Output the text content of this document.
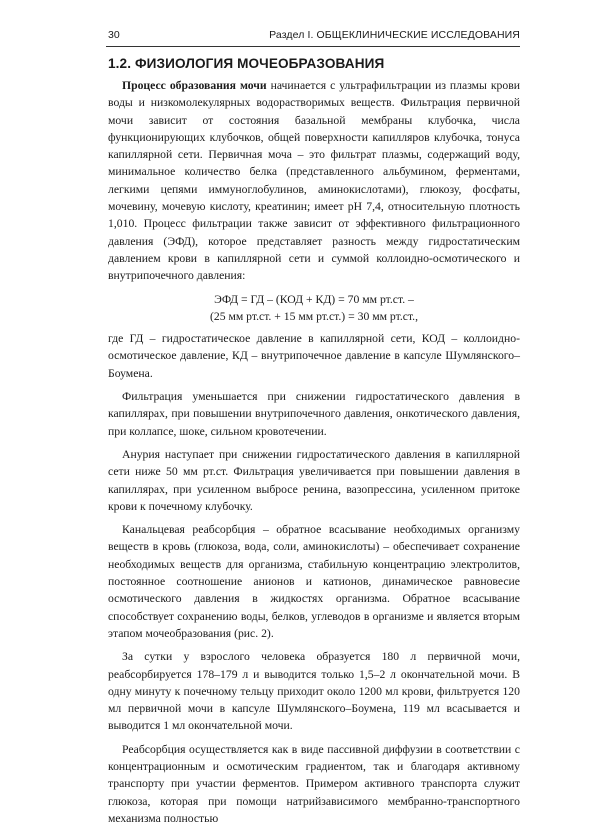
30	Раздел I. ОБЩЕКЛИНИЧЕСКИЕ ИССЛЕДОВАНИЯ
1.2. ФИЗИОЛОГИЯ МОЧЕОБРАЗОВАНИЯ

Процесс образования мочи начинается с ультрафильтрации из плазмы крови воды и низкомолекулярных водорастворимых веществ. Фильтрация первичной мочи зависит от состояния базальной мембраны клубочка, числа функционирующих клубочков, общей поверхности капилляров клубочка, тонуса капиллярной сети. Первичная моча – это фильтрат плазмы, содержащий воду, минимальное количество белка (представленного альбумином, ферментами, легкими цепями иммуноглобулинов, аминокислотами), глюкозу, фосфаты, мочевину, мочевую кислоту, креатинин; имеет pH 7,4, относительную плотность 1,010. Процесс фильтрации также зависит от эффективного фильтрационного давления (ЭФД), которое представляет разность между гидростатическим давлением крови в капиллярной сети и суммой коллоидно-осмотического и внутрипочечного давления:

ЭФД = ГД – (КОД + КД) = 70 мм рт.ст. –
(25 мм рт.ст. + 15 мм рт.ст.) = 30 мм рт.ст.,

где ГД – гидростатическое давление в капиллярной сети, КОД – коллоидно-осмотическое давление, КД – внутрипочечное давление в капсуле Шумлянского–Боумена.

Фильтрация уменьшается при снижении гидростатического давления в капиллярах, при повышении внутрипочечного давления, онкотического давления, при коллапсе, шоке, сильном кровотечении.

Анурия наступает при снижении гидростатического давления в капиллярной сети ниже 50 мм рт.ст. Фильтрация увеличивается при повышении давления в капиллярах, при усиленном выбросе ренина, вазопрессина, усиленном притоке крови к почечному клубочку.

Канальцевая реабсорбция – обратное всасывание необходимых организму веществ в кровь (глюкоза, вода, соли, аминокислоты) – обеспечивает сохранение необходимых веществ для организма, стабильную концентрацию электролитов, постоянное соотношение анионов и катионов, динамическое равновесие осмотического давления в жидкостях организма. Обратное всасывание способствует сохранению воды, белков, углеводов в организме и является вторым этапом мочеобразования (рис. 2).

За сутки у взрослого человека образуется 180 л первичной мочи, реабсорбируется 178–179 л и выводится только 1,5–2 л окончательной мочи. В одну минуту к почечному тельцу приходит около 1200 мл крови, фильтруется 120 мл первичной мочи в капсуле Шумлянского–Боумена, 119 мл всасывается и выводится 1 мл окончательной мочи.

Реабсорбция осуществляется как в виде пассивной диффузии в соответствии с концентрационным и осмотическим градиентом, так и благодаря активному транспорту при участии ферментов. Примером активного транспорта служит глюкоза, которая при помощи натрийзависимого мембранно-транспортного механизма полностью
